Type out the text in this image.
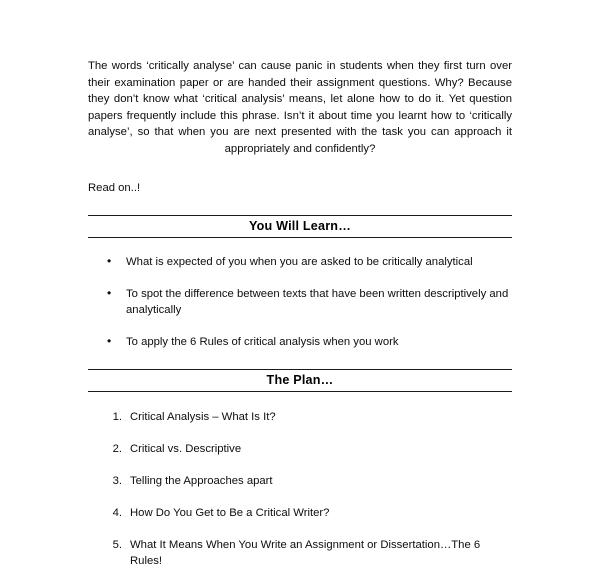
The words ‘critically analyse’ can cause panic in students when they first turn over their examination paper or are handed their assignment questions. Why? Because they don’t know what ‘critical analysis’ means, let alone how to do it. Yet question papers frequently include this phrase. Isn’t it about time you learnt how to ‘critically analyse’, so that when you are next presented with the task you can approach it appropriately and confidently?

Read on..!

You Will Learn…
• What is expected of you when you are asked to be critically analytical
• To spot the difference between texts that have been written descriptively and analytically
• To apply the 6 Rules of critical analysis when you work
The Plan…
Critical Analysis – What Is It?
Critical vs. Descriptive
Telling the Approaches apart
How Do You Get to Be a Critical Writer?
What It Means When You Write an Assignment or Dissertation…The 6 Rules!
